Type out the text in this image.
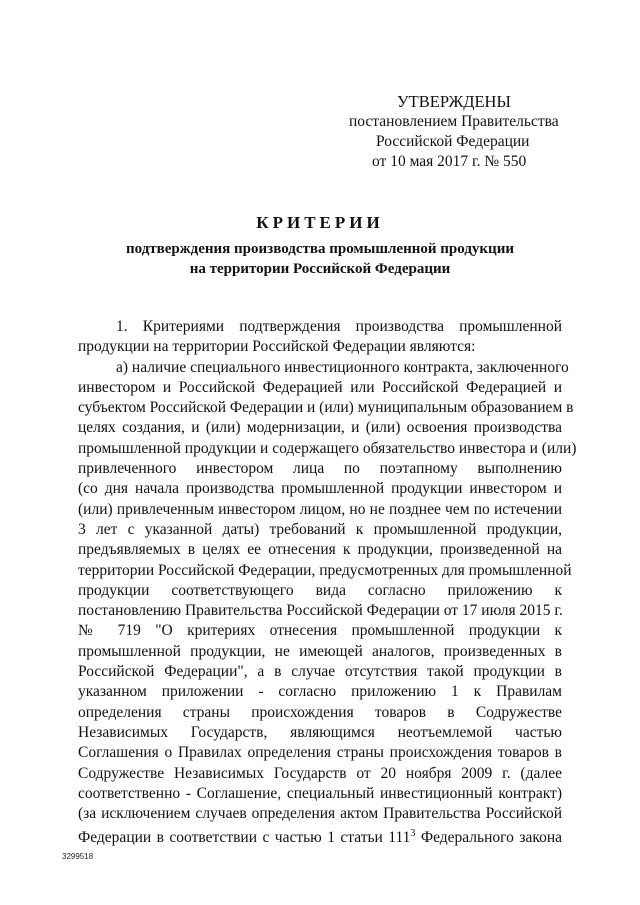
УТВЕРЖДЕНЫ
постановлением Правительства
Российской Федерации
от 10 мая 2017 г. № 550
КРИТЕРИИ
подтверждения производства промышленной продукции
на территории Российской Федерации
1. Критериями подтверждения производства промышленной
продукции на территории Российской Федерации являются:
а) наличие специального инвестиционного контракта, заключенного
инвестором и Российской Федерацией или Российской Федерацией и
субъектом Российской Федерации и (или) муниципальным образованием в
целях создания, и (или) модернизации, и (или) освоения производства
промышленной продукции и содержащего обязательство инвестора и (или)
привлеченного инвестором лица по поэтапному выполнению
(со дня начала производства промышленной продукции инвестором и
(или) привлеченным инвестором лицом, но не позднее чем по истечении
3 лет с указанной даты) требований к промышленной продукции,
предъявляемых в целях ее отнесения к продукции, произведенной на
территории Российской Федерации, предусмотренных для промышленной
продукции соответствующего вида согласно приложению к
постановлению Правительства Российской Федерации от 17 июля 2015 г.
№ 719 "О критериях отнесения промышленной продукции к
промышленной продукции, не имеющей аналогов, произведенных в
Российской Федерации", а в случае отсутствия такой продукции в
указанном приложении - согласно приложению 1 к Правилам
определения страны происхождения товаров в Содружестве
Независимых Государств, являющимся неотъемлемой частью
Соглашения о Правилах определения страны происхождения товаров в
Содружестве Независимых Государств от 20 ноября 2009 г. (далее
соответственно - Соглашение, специальный инвестиционный контракт)
(за исключением случаев определения актом Правительства Российской
Федерации в соответствии с частью 1 статьи $111^3$ Федерального закона
3299518
